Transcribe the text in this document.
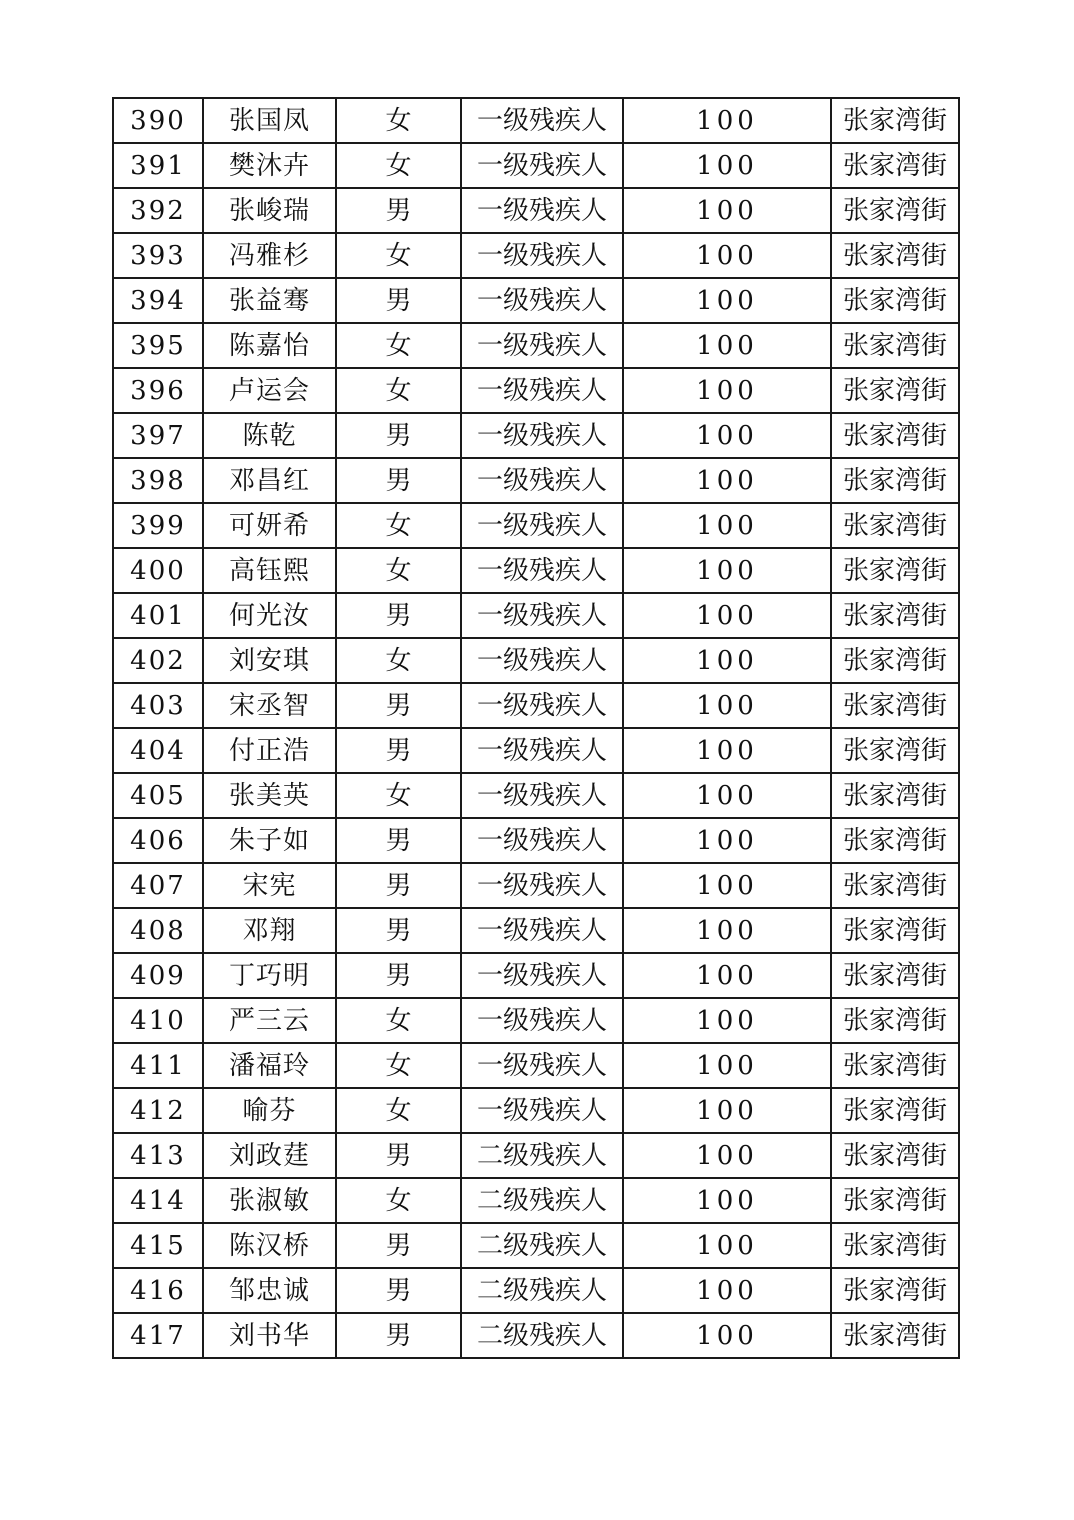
390	张国凤	女	一级残疾人	100	张家湾街
391	樊沐卉	女	一级残疾人	100	张家湾街
392	张峻瑞	男	一级残疾人	100	张家湾街
393	冯雅杉	女	一级残疾人	100	张家湾街
394	张益骞	男	一级残疾人	100	张家湾街
395	陈嘉怡	女	一级残疾人	100	张家湾街
396	卢运会	女	一级残疾人	100	张家湾街
397	陈乾	男	一级残疾人	100	张家湾街
398	邓昌红	男	一级残疾人	100	张家湾街
399	可妍希	女	一级残疾人	100	张家湾街
400	高钰熙	女	一级残疾人	100	张家湾街
401	何光汝	男	一级残疾人	100	张家湾街
402	刘安琪	女	一级残疾人	100	张家湾街
403	宋丞智	男	一级残疾人	100	张家湾街
404	付正浩	男	一级残疾人	100	张家湾街
405	张美英	女	一级残疾人	100	张家湾街
406	朱子如	男	一级残疾人	100	张家湾街
407	宋宪	男	一级残疾人	100	张家湾街
408	邓翔	男	一级残疾人	100	张家湾街
409	丁巧明	男	一级残疾人	100	张家湾街
410	严三云	女	一级残疾人	100	张家湾街
411	潘福玲	女	一级残疾人	100	张家湾街
412	喻芬	女	一级残疾人	100	张家湾街
413	刘政莛	男	二级残疾人	100	张家湾街
414	张淑敏	女	二级残疾人	100	张家湾街
415	陈汉桥	男	二级残疾人	100	张家湾街
416	邹忠诚	男	二级残疾人	100	张家湾街
417	刘书华	男	二级残疾人	100	张家湾街
